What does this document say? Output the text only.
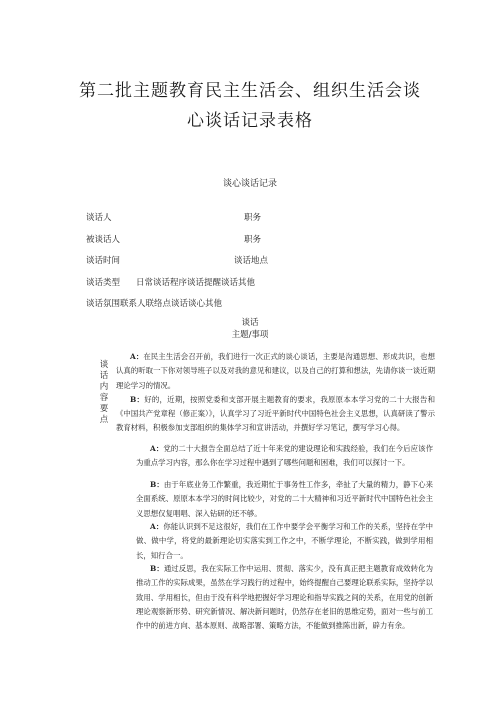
第二批主题教育民主生活会、组织生活会谈
心谈话记录表格
谈心谈话记录
谈话人	职务
被谈话人	职务
谈话时间	谈话地点
谈话类型 日常谈话程序谈话提醒谈话其他
谈话氛围联系人联络点谈话谈心其他
谈话
主题/事项
谈话内容要点

A：在民主生活会召开前，我们进行一次正式的谈心谈话，主要是沟通思想、形成共识，也想认真的听取一下你对领导班子以及对我的意见和建议，以及自己的打算和想法，先请你谈一谈近期理论学习的情况。

B：好的，近期，按照党委和支部开展主题教育的要求，我原原本本学习党的二十大报告和《中国共产党章程（修正案）》，认真学习了习近平新时代中国特色社会主义思想，认真研读了警示教育材料，积极参加支部组织的集体学习和宣讲活动，并撰好学习笔记，撰写学习心得。

A：党的二十大报告全面总结了近十年来党的建设理论和实践经验，我们在今后应该作为重点学习内容，那么你在学习过程中遇到了哪些问题和困难，我们可以探讨一下。

B：由于年底业务工作繁重，我近期忙于事务性工作多，牵扯了大量的精力，静下心来全面系统、原原本本学习的时间比较少，对党的二十大精神和习近平新时代中国特色社会主义思想仅复唱唱、深入钻研的还不够。

A：你能认识到不足这很好，我们在工作中要学会平衡学习和工作的关系，坚持在学中做、做中学，将党的最新理论切实落实到工作之中，不断学理论，不断实践，做到学用相长，知行合一。

B：通过反思，我在实际工作中运用、贯彻、落实少，没有真正把主题教育成效转化为推动工作的实际成果，虽然在学习践行的过程中，始终提醒自己要理论联系实际，坚持学以致用、学用相长，但由于没有科学地把握好学习理论和指导实践之间的关系，在用党的创新理论观察新形势、研究新情况、解决新问题时，仍然存在老旧的思维定势，面对一些与前工作中的前进方向、基本原则、战略部署、策略方法，不能做到推陈出新，辟力有余。
